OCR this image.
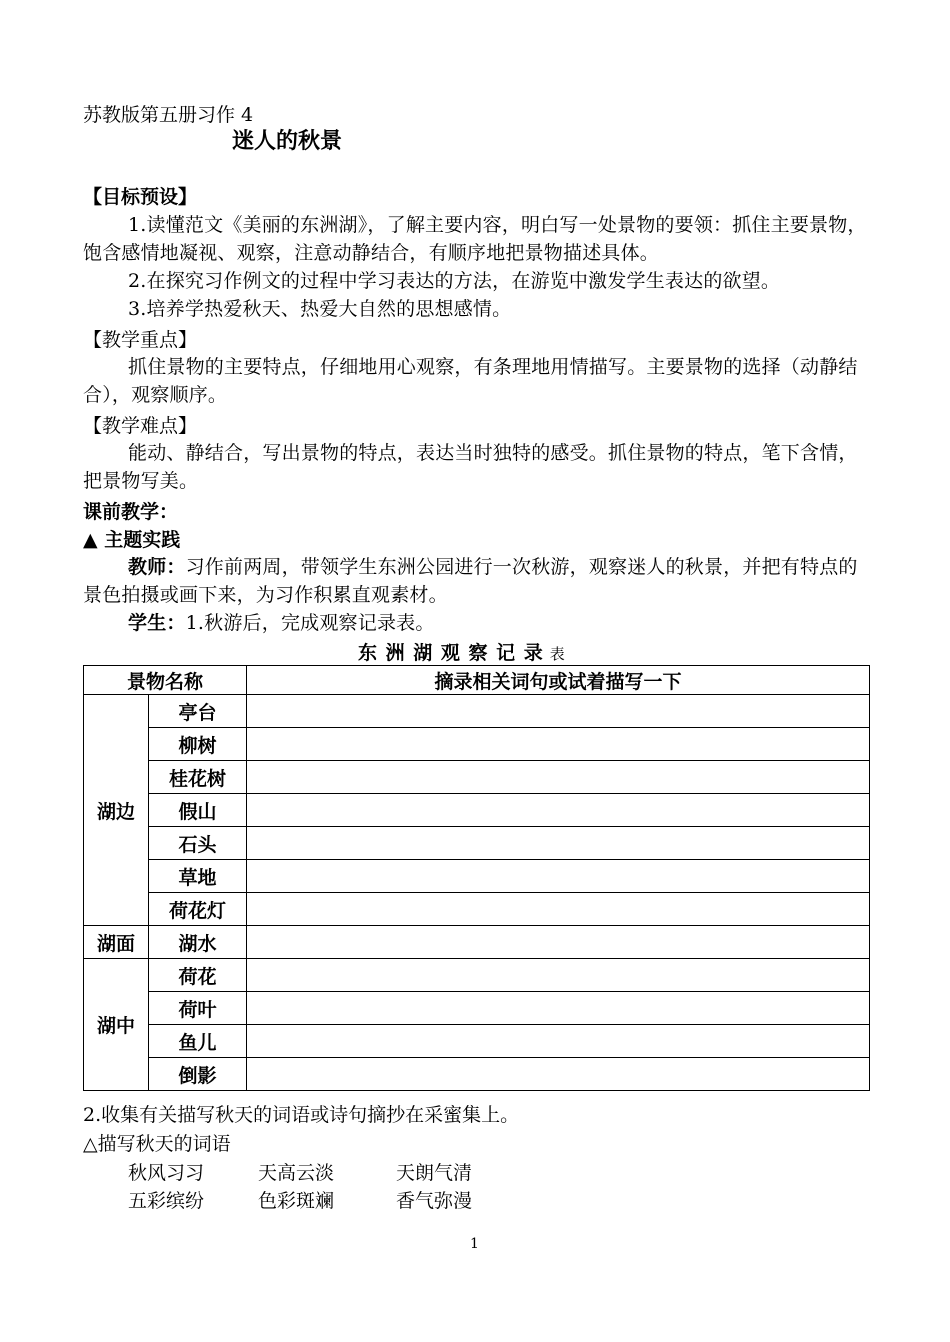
苏教版第五册习作 4
迷人的秋景
【目标预设】
1.读懂范文《美丽的东洲湖》，了解主要内容，明白写一处景物的要领：抓住主要景物，饱含感情地凝视、观察，注意动静结合，有顺序地把景物描述具体。
2.在探究习作例文的过程中学习表达的方法，在游览中激发学生表达的欲望。
3.培养学热爱秋天、热爱大自然的思想感情。
【教学重点】
抓住景物的主要特点，仔细地用心观察，有条理地用情描写。主要景物的选择（动静结合），观察顺序。
【教学难点】
能动、静结合，写出景物的特点，表达当时独特的感受。抓住景物的特点，笔下含情，把景物写美。
课前教学：
▲ 主题实践
教师：习作前两周，带领学生东洲公园进行一次秋游，观察迷人的秋景，并把有特点的景色拍摄或画下来，为习作积累直观素材。
学生：1.秋游后，完成观察记录表。
东 洲 湖 观 察 记 录 表
景物名称		摘录相关词句或试着描写一下
湖边	亭台	
	柳树	
	桂花树	
	假山	
	石头	
	草地	
	荷花灯	
湖面	湖水	
湖中	荷花	
	荷叶	
	鱼儿	
	倒影	
2.收集有关描写秋天的词语或诗句摘抄在采蜜集上。
△描写秋天的词语
秋风习习	天高云淡	天朗气清
五彩缤纷	色彩斑斓	香气弥漫
1
